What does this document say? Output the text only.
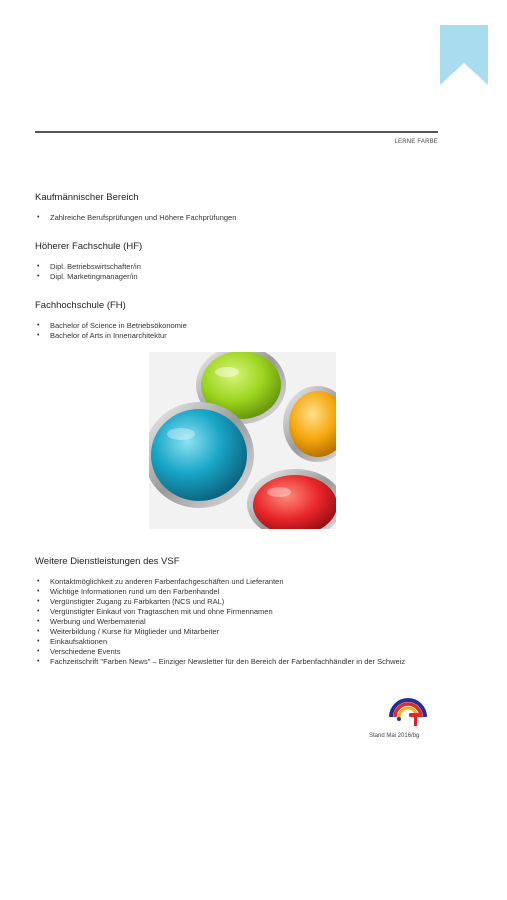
LERNE FARBE
Kaufmännischer Bereich
• Zahlreiche Berufsprüfungen und Höhere Fachprüfungen
Höherer Fachschule (HF)
• Dipl. Betriebswirtschafter/in
• Dipl. Marketingmanager/in
Fachhochschule (FH)
• Bachelor of Science in Betriebsökonomie
• Bachelor of Arts in Innenarchitektur
Weitere Dienstleistungen des VSF
• Kontaktmöglichkeit zu anderen Farbenfachgeschäften und Lieferanten
• Wichtige Informationen rund um den Farbenhandel
• Vergünstigter Zugang zu Farbkarten (NCS und RAL)
• Vergünstigter Einkauf von Tragtaschen mit und ohne Firmennamen
• Werbung und Werbematerial
• Weiterbildung / Kurse für Mitglieder und Mitarbeiter
• Einkaufsaktionen
• Verschiedene Events
• Fachzeitschrift "Farben News" – Einziger Newsletter für den Bereich der Farbenfachhändler in der Schweiz
Stand Mai 2016/bg
